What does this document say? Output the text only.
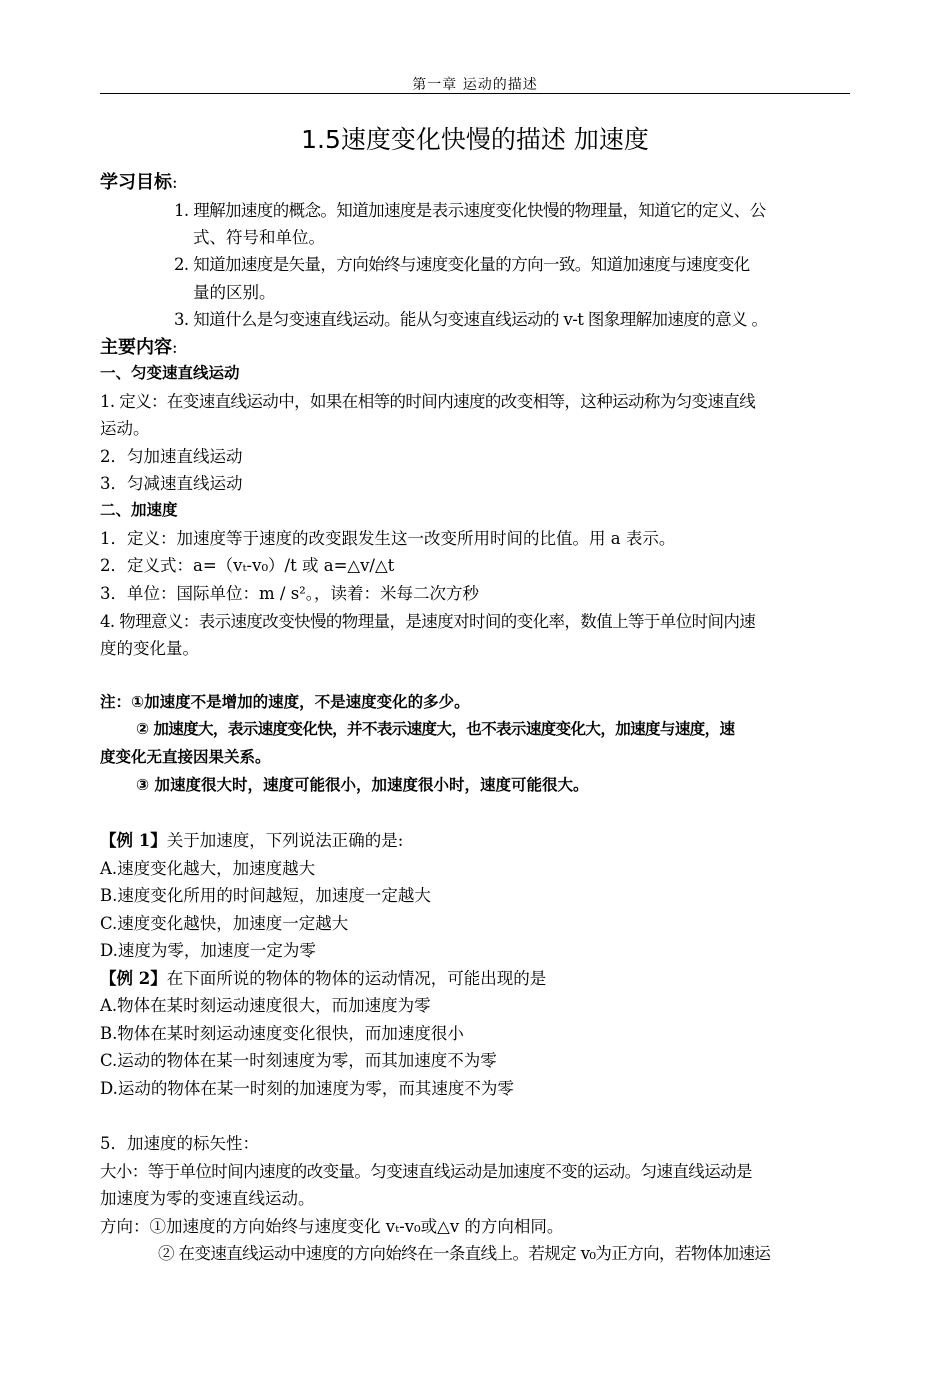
第一章 运动的描述
1.5速度变化快慢的描述 加速度
学习目标:
1. 理解加速度的概念。知道加速度是表示速度变化快慢的物理量，知道它的定义、公
式、符号和单位。
2. 知道加速度是矢量，方向始终与速度变化量的方向一致。知道加速度与速度变化
量的区别。
3. 知道什么是匀变速直线运动。能从匀变速直线运动的 v-t 图象理解加速度的意义 。
主要内容:
一、匀变速直线运动
1. 定义：在变速直线运动中，如果在相等的时间内速度的改变相等，这种运动称为匀变速直线
运动。
2．匀加速直线运动
3．匀减速直线运动
二、加速度
1．定义：加速度等于速度的改变跟发生这一改变所用时间的比值。用 a 表示。
2．定义式：a=（vₜ-v₀）/t 或 a=△v/△t
3．单位：国际单位：m / s²。，读着：米每二次方秒
4. 物理意义：表示速度改变快慢的物理量，是速度对时间的变化率，数值上等于单位时间内速
度的变化量。
注：①加速度不是增加的速度，不是速度变化的多少。
② 加速度大，表示速度变化快，并不表示速度大，也不表示速度变化大，加速度与速度，速
度变化无直接因果关系。
③ 加速度很大时，速度可能很小，加速度很小时，速度可能很大。
【例 1】关于加速度，下列说法正确的是:
A.速度变化越大，加速度越大
B.速度变化所用的时间越短，加速度一定越大
C.速度变化越快，加速度一定越大
D.速度为零，加速度一定为零
【例 2】在下面所说的物体的物体的运动情况，可能出现的是
A.物体在某时刻运动速度很大，而加速度为零
B.物体在某时刻运动速度变化很快，而加速度很小
C.运动的物体在某一时刻速度为零，而其加速度不为零
D.运动的物体在某一时刻的加速度为零，而其速度不为零
5．加速度的标矢性：
大小：等于单位时间内速度的改变量。匀变速直线运动是加速度不变的运动。匀速直线运动是
加速度为零的变速直线运动。
方向：①加速度的方向始终与速度变化 vₜ-v₀或△v 的方向相同。
② 在变速直线运动中速度的方向始终在一条直线上。若规定 v₀为正方向，若物体加速运
